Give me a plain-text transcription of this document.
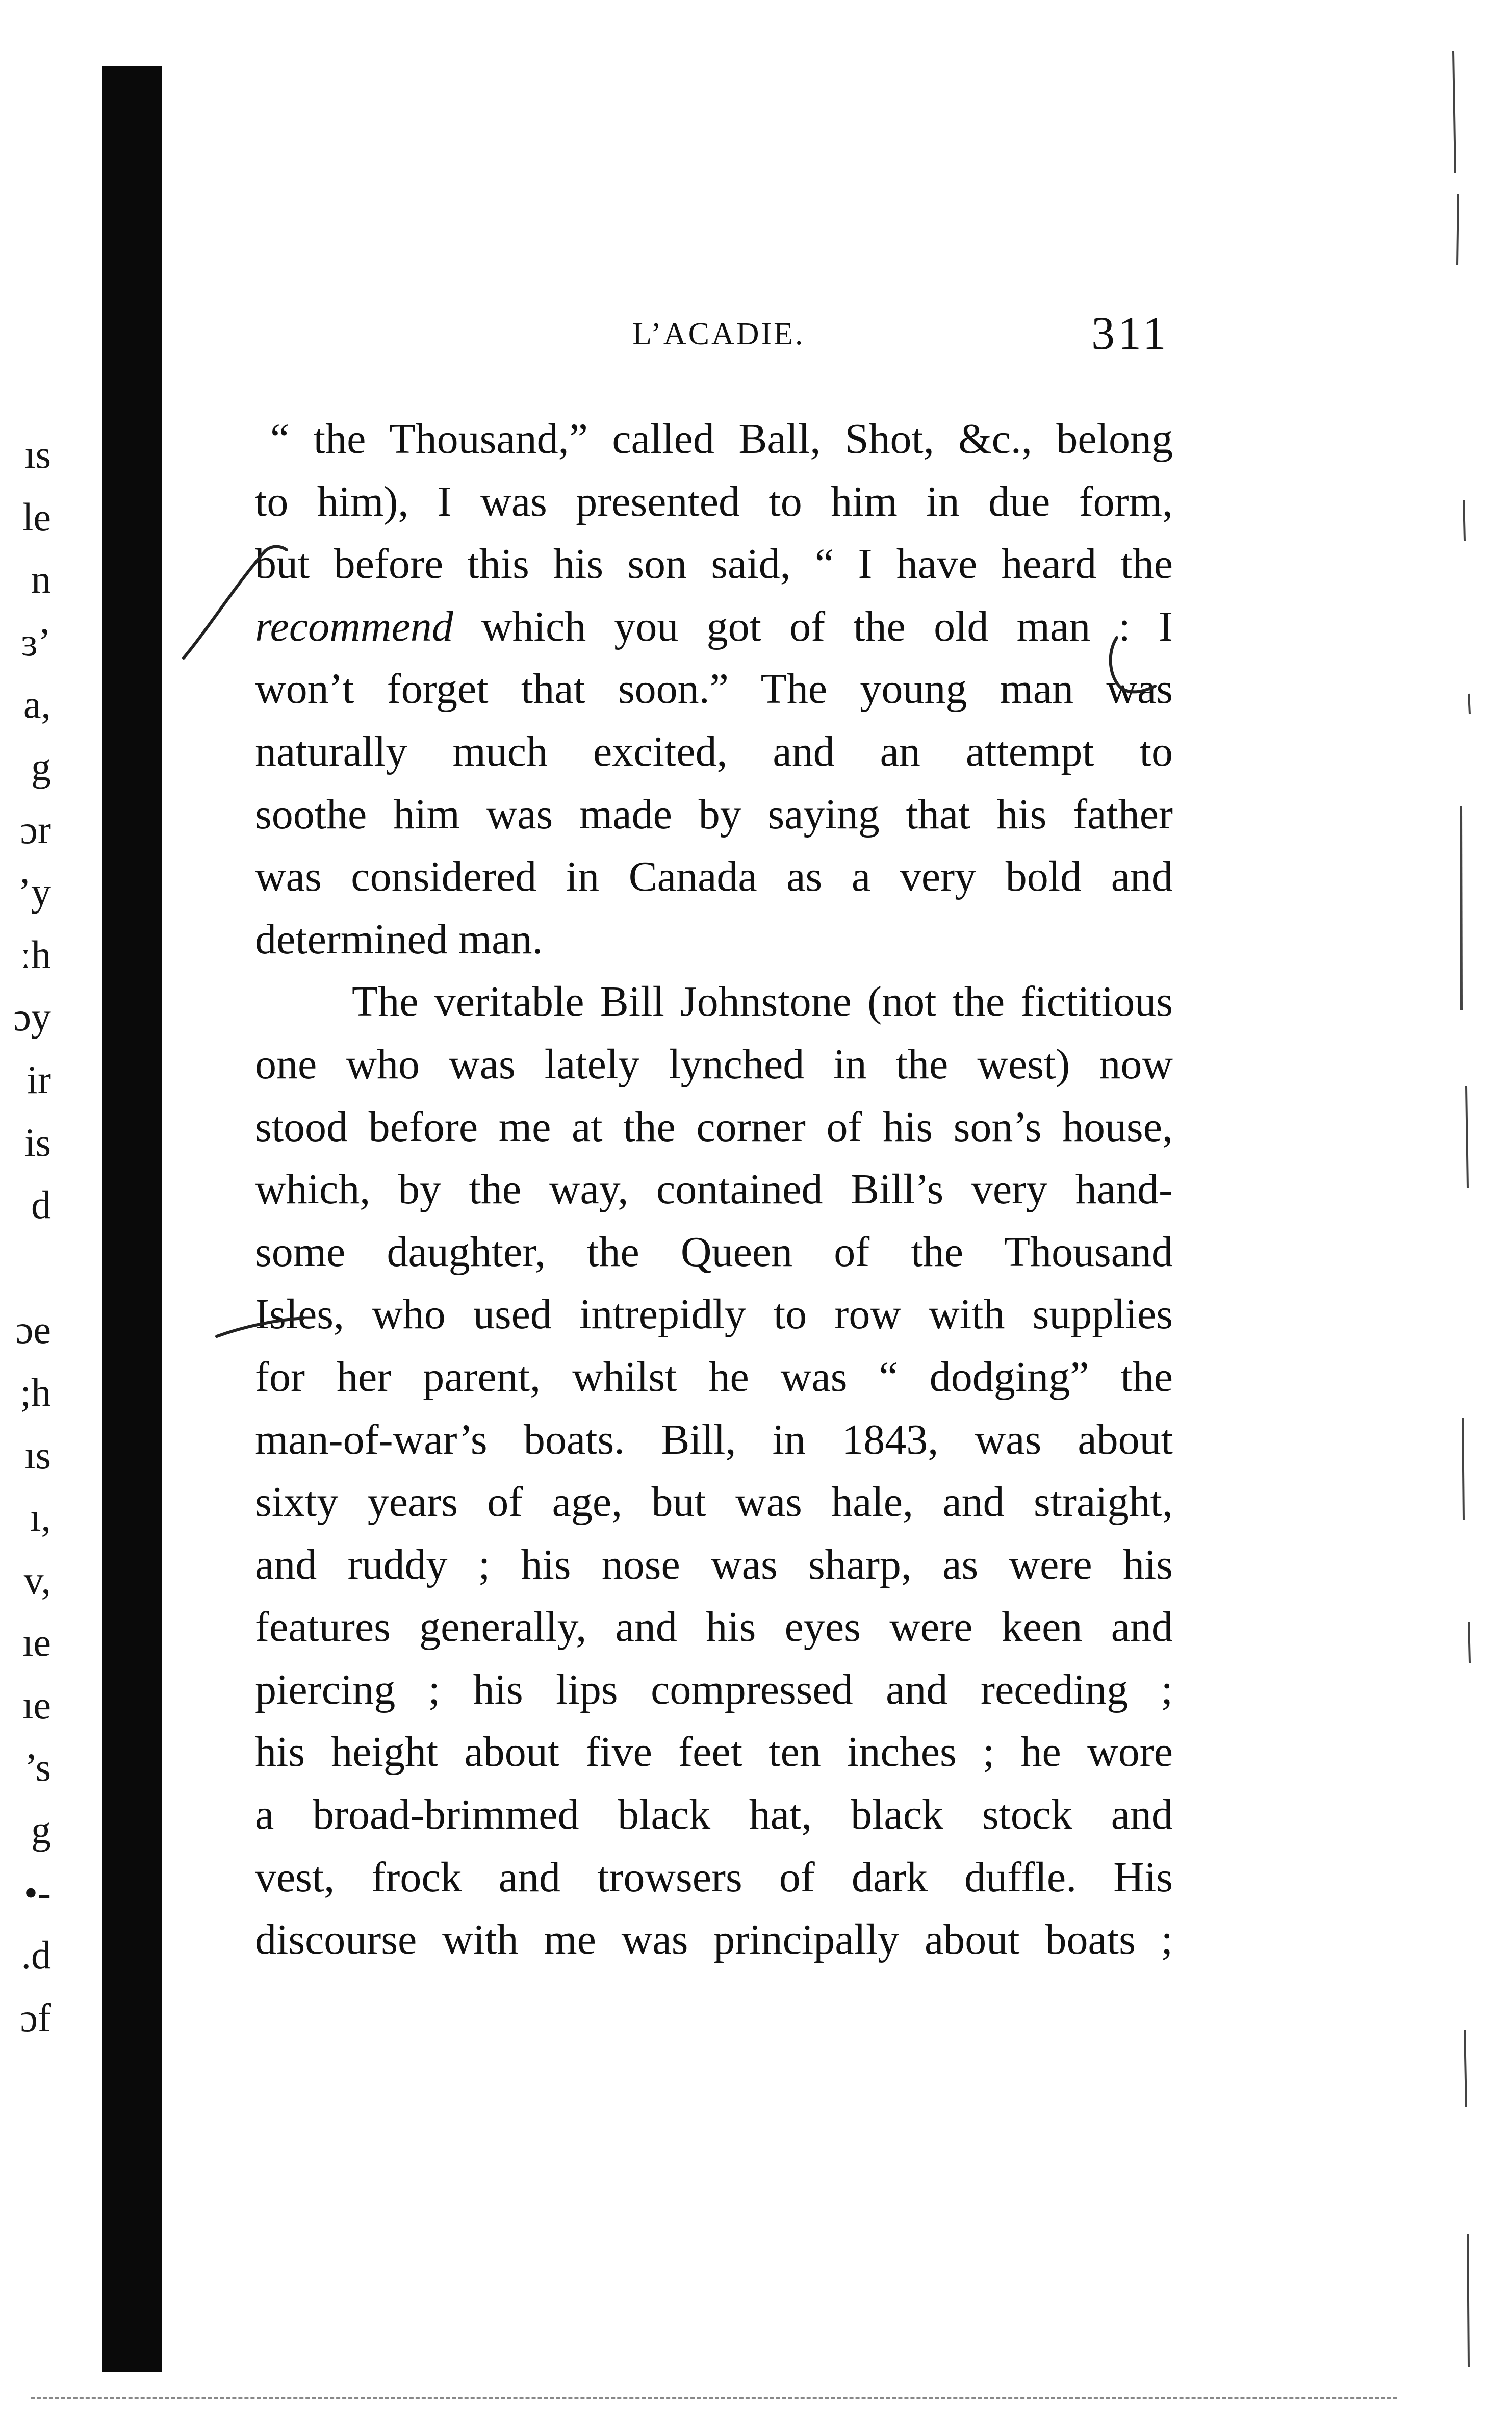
ıs
le
n
ɜ’
a,
g
ɔr
ʼy
ːh
ɔy
ir
is
d
ɔe
;h
ıs
ı,
v,
ıe
ıe
’s
g
•-
.d
ɔf
L’ACADIE.	311
“ the Thousand,” called Ball, Shot, &c., belong
to him), I was presented to him in due form,
but before this his son said, “ I have heard the
recommend which you got of the old man : I
won’t forget that soon.” The young man was
naturally much excited, and an attempt to
soothe him was made by saying that his father
was considered in Canada as a very bold and
determined man.
The veritable Bill Johnstone (not the fictitious
one who was lately lynched in the west) now
stood before me at the corner of his son’s house,
which, by the way, contained Bill’s very hand-
some daughter, the Queen of the Thousand
Isles, who used intrepidly to row with supplies
for her parent, whilst he was “ dodging” the
man-of-war’s boats. Bill, in 1843, was about
sixty years of age, but was hale, and straight,
and ruddy ; his nose was sharp, as were his
features generally, and his eyes were keen and
piercing ; his lips compressed and receding ;
his height about five feet ten inches ; he wore
a broad-brimmed black hat, black stock and
vest, frock and trowsers of dark duffle. His
discourse with me was principally about boats ;
